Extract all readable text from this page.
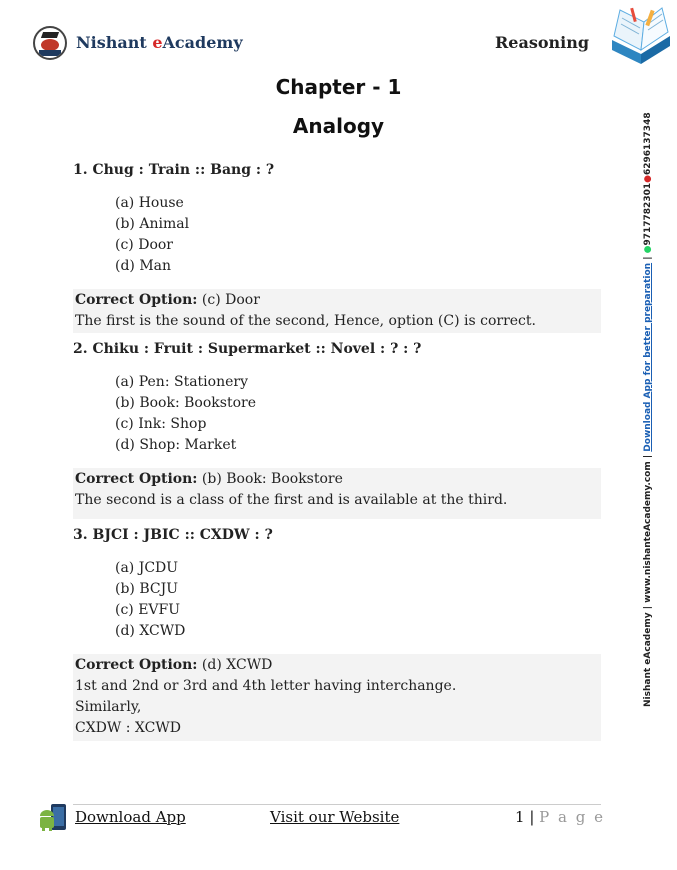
Nishant eAcademy	Reasoning
Chapter - 1
Analogy

1. Chug : Train :: Bang : ?

(a) House
(b) Animal
(c) Door
(d) Man
Correct Option: (c) Door
The first is the sound of the second, Hence, option (C) is correct.

2. Chiku : Fruit : Supermarket :: Novel : ? : ?

(a) Pen: Stationery
(b) Book: Bookstore
(c) Ink: Shop
(d) Shop: Market
Correct Option: (b) Book: Bookstore
The second is a class of the first and is available at the third.

3. BJCI : JBIC :: CXDW : ?

(a) JCDU
(b) BCJU
(c) EVFU
(d) XCWD
Correct Option: (d) XCWD
1st and 2nd or 3rd and 4th letter having interchange.
Similarly,
CXDW : XCWD
Nishant eAcademy | www.nishanteAcademy.com | Download App for better preparation | ●9717782301●6296137348
Download App	Visit our Website	1 | P a g e
